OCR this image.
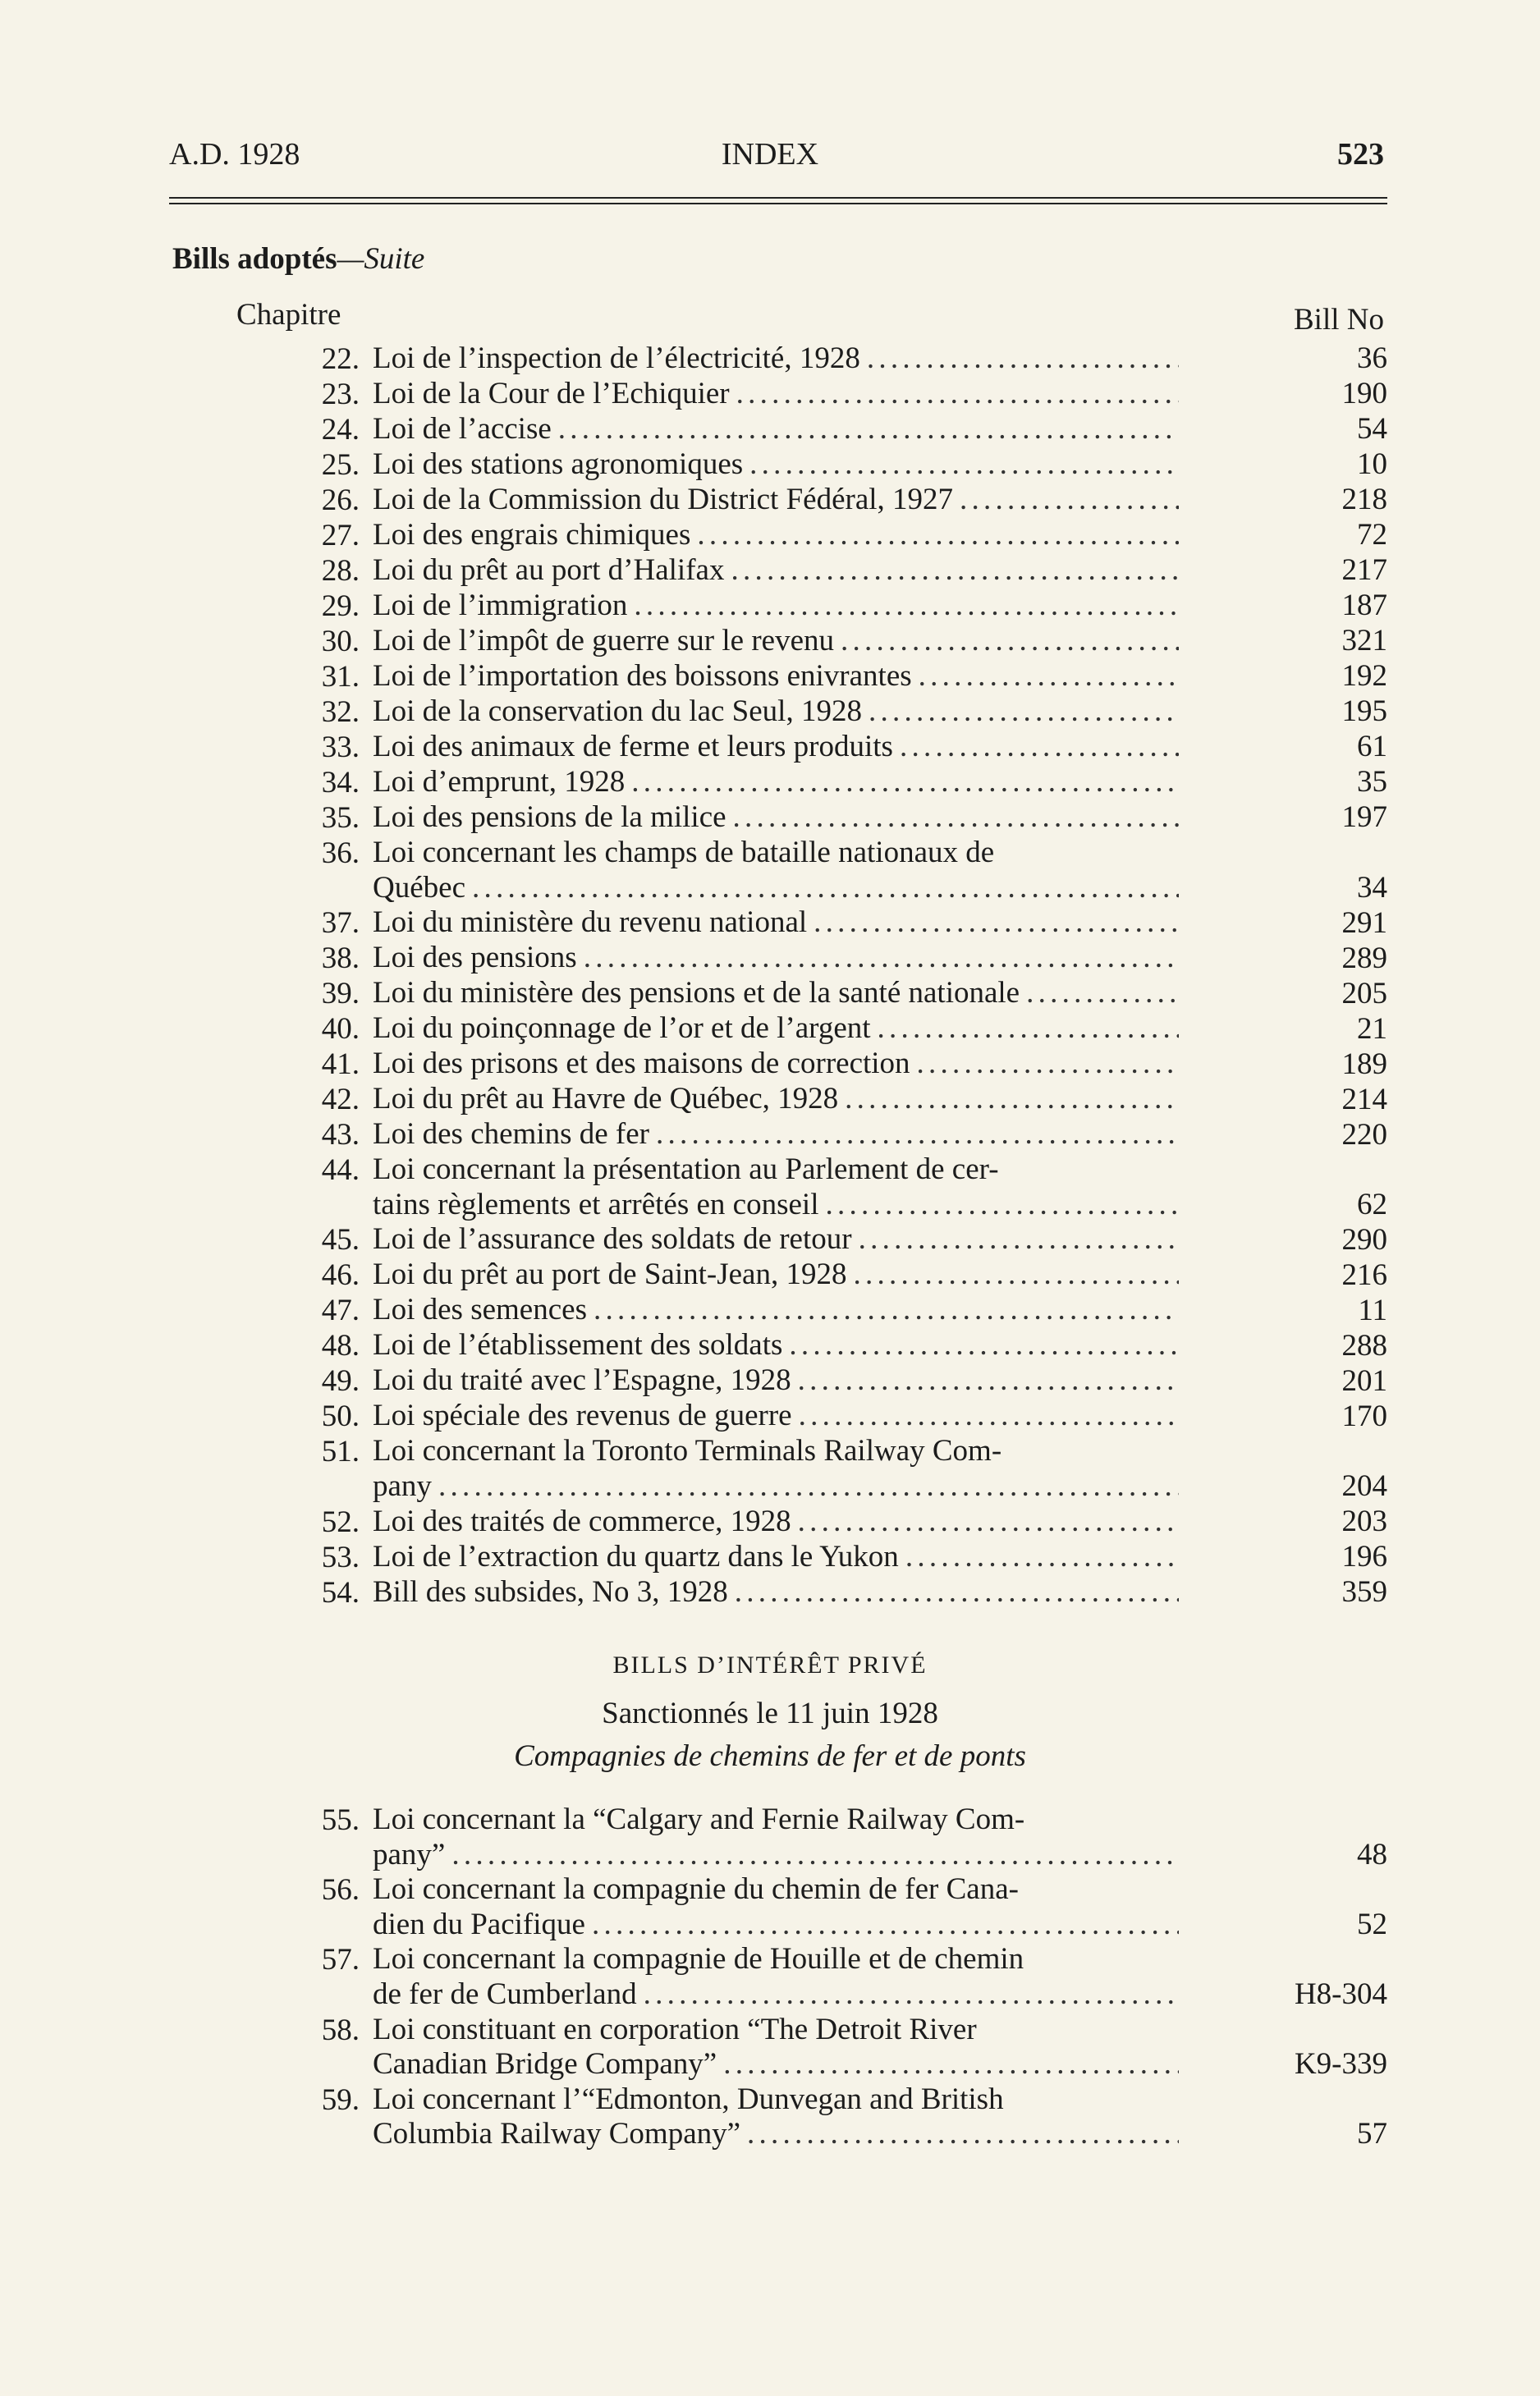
A.D. 1928	INDEX	523
Bills adoptés—Suite
Chapitre	Bill No
22. Loi de l’inspection de l’électricité, 1928 . . .	36
23. Loi de la Cour de l’Echiquier . . .	190
24. Loi de l’accise . . .	54
25. Loi des stations agronomiques . . .	10
26. Loi de la Commission du District Fédéral, 1927 . . .	218
27. Loi des engrais chimiques . . .	72
28. Loi du prêt au port d’Halifax . . .	217
29. Loi de l’immigration . . .	187
30. Loi de l’impôt de guerre sur le revenu . . .	321
31. Loi de l’importation des boissons enivrantes . . .	192
32. Loi de la conservation du lac Seul, 1928 . . .	195
33. Loi des animaux de ferme et leurs produits . . .	61
34. Loi d’emprunt, 1928 . . .	35
35. Loi des pensions de la milice . . .	197
36. Loi concernant les champs de bataille nationaux de
Québec . . .	34
37. Loi du ministère du revenu national . . .	291
38. Loi des pensions . . .	289
39. Loi du ministère des pensions et de la santé nationale . . .	205
40. Loi du poinçonnage de l’or et de l’argent . . .	21
41. Loi des prisons et des maisons de correction . . .	189
42. Loi du prêt au Havre de Québec, 1928 . . .	214
43. Loi des chemins de fer . . .	220
44. Loi concernant la présentation au Parlement de cer-
tains règlements et arrêtés en conseil . . .	62
45. Loi de l’assurance des soldats de retour . . .	290
46. Loi du prêt au port de Saint-Jean, 1928 . . .	216
47. Loi des semences . . .	11
48. Loi de l’établissement des soldats . . .	288
49. Loi du traité avec l’Espagne, 1928 . . .	201
50. Loi spéciale des revenus de guerre . . .	170
51. Loi concernant la Toronto Terminals Railway Com-
pany . . .	204
52. Loi des traités de commerce, 1928 . . .	203
53. Loi de l’extraction du quartz dans le Yukon . . .	196
54. Bill des subsides, No 3, 1928 . . .	359
BILLS D’INTÉRÊT PRIVÉ
Sanctionnés le 11 juin 1928
Compagnies de chemins de fer et de ponts
55. Loi concernant la “Calgary and Fernie Railway Com-
pany” . . .	48
56. Loi concernant la compagnie du chemin de fer Cana-
dien du Pacifique . . .	52
57. Loi concernant la compagnie de Houille et de chemin
de fer de Cumberland . . .	H8-304
58. Loi constituant en corporation “The Detroit River
Canadian Bridge Company” . . .	K9-339
59. Loi concernant l’“Edmonton, Dunvegan and British
Columbia Railway Company” . . .	57
